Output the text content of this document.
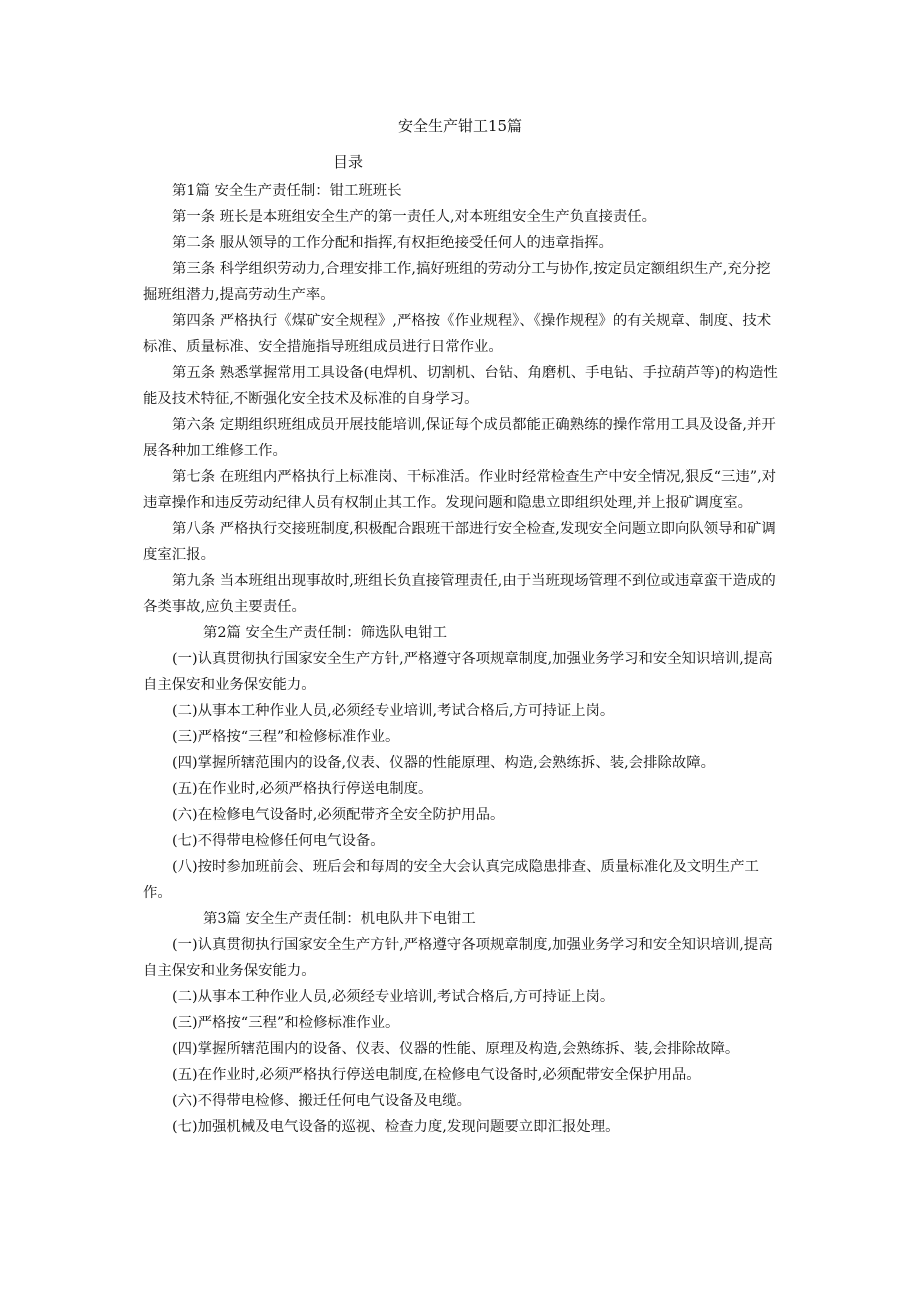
安全生产钳工15篇
目录

第1篇 安全生产责任制：钳工班班长

第一条 班长是本班组安全生产的第一责任人,对本班组安全生产负直接责任。

第二条 服从领导的工作分配和指挥,有权拒绝接受任何人的违章指挥。

第三条 科学组织劳动力,合理安排工作,搞好班组的劳动分工与协作,按定员定额组织生产,充分挖掘班组潜力,提高劳动生产率。

第四条 严格执行《煤矿安全规程》,严格按《作业规程》、《操作规程》的有关规章、制度、技术标准、质量标准、安全措施指导班组成员进行日常作业。

第五条 熟悉掌握常用工具设备(电焊机、切割机、台钻、角磨机、手电钻、手拉葫芦等)的构造性能及技术特征,不断强化安全技术及标准的自身学习。

第六条 定期组织班组成员开展技能培训,保证每个成员都能正确熟练的操作常用工具及设备,并开展各种加工维修工作。

第七条 在班组内严格执行上标准岗、干标准活。作业时经常检查生产中安全情况,狠反“三违”,对违章操作和违反劳动纪律人员有权制止其工作。发现问题和隐患立即组织处理,并上报矿调度室。

第八条 严格执行交接班制度,积极配合跟班干部进行安全检查,发现安全问题立即向队领导和矿调度室汇报。

第九条 当本班组出现事故时,班组长负直接管理责任,由于当班现场管理不到位或违章蛮干造成的各类事故,应负主要责任。

第2篇 安全生产责任制：筛选队电钳工

(一)认真贯彻执行国家安全生产方针,严格遵守各项规章制度,加强业务学习和安全知识培训,提高自主保安和业务保安能力。

(二)从事本工种作业人员,必须经专业培训,考试合格后,方可持证上岗。

(三)严格按“三程”和检修标准作业。

(四)掌握所辖范围内的设备,仪表、仪器的性能原理、构造,会熟练拆、装,会排除故障。

(五)在作业时,必须严格执行停送电制度。

(六)在检修电气设备时,必须配带齐全安全防护用品。

(七)不得带电检修任何电气设备。

(八)按时参加班前会、班后会和每周的安全大会认真完成隐患排查、质量标准化及文明生产工作。

第3篇 安全生产责任制：机电队井下电钳工

(一)认真贯彻执行国家安全生产方针,严格遵守各项规章制度,加强业务学习和安全知识培训,提高自主保安和业务保安能力。

(二)从事本工种作业人员,必须经专业培训,考试合格后,方可持证上岗。

(三)严格按“三程”和检修标准作业。

(四)掌握所辖范围内的设备、仪表、仪器的性能、原理及构造,会熟练拆、装,会排除故障。

(五)在作业时,必须严格执行停送电制度,在检修电气设备时,必须配带安全保护用品。

(六)不得带电检修、搬迁任何电气设备及电缆。

(七)加强机械及电气设备的巡视、检查力度,发现问题要立即汇报处理。
